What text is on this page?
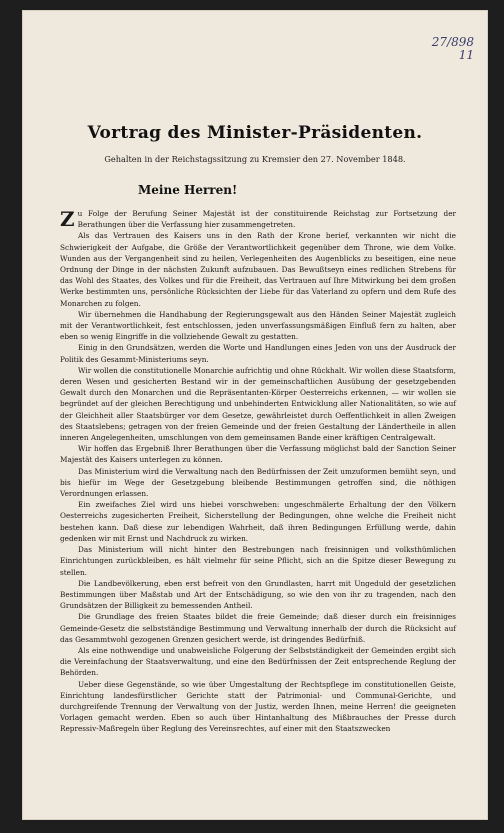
27/898
11
Vortrag des Minister-Präsidenten.
Gehalten in der Reichstagssitzung zu Kremsier den 27. November 1848.
Meine Herren!

Zu Folge der Berufung Seiner Majestät ist der constituirende Reichstag zur Fortsetzung der Berathungen über die Verfassung hier zusammengetreten.

Als das Vertrauen des Kaisers uns in den Rath der Krone berief, verkannten wir nicht die Schwierigkeit der Aufgabe, die Größe der Verantwortlichkeit gegenüber dem Throne, wie dem Volke. Wunden aus der Vergangenheit sind zu heilen, Verlegenheiten des Augenblicks zu beseitigen, eine neue Ordnung der Dinge in der nächsten Zukunft aufzubauen. Das Bewußtseyn eines redlichen Strebens für das Wohl des Staates, des Volkes und für die Freiheit, das Vertrauen auf Ihre Mitwirkung bei dem großen Werke bestimmten uns, persönliche Rücksichten der Liebe für das Vaterland zu opfern und dem Rufe des Monarchen zu folgen.

Wir übernehmen die Handhabung der Regierungsgewalt aus den Händen Seiner Majestät zugleich mit der Verantwortlichkeit, fest entschlossen, jeden unverfassungsmäßigen Einfluß fern zu halten, aber eben so wenig Eingriffe in die vollziehende Gewalt zu gestatten.

Einig in den Grundsätzen, werden die Worte und Handlungen eines Jeden von uns der Ausdruck der Politik des Gesammt-Ministeriums seyn.

Wir wollen die constitutionelle Monarchie aufrichtig und ohne Rückhalt. Wir wollen diese Staatsform, deren Wesen und gesicherten Bestand wir in der gemeinschaftlichen Ausübung der gesetzgebenden Gewalt durch den Monarchen und die Repräsentanten-Körper Oesterreichs erkennen, — wir wollen sie begründet auf der gleichen Berechtigung und unbehinderten Entwicklung aller Nationalitäten, so wie auf der Gleichheit aller Staatsbürger vor dem Gesetze, gewährleistet durch Oeffentlichkeit in allen Zweigen des Staatslebens; getragen von der freien Gemeinde und der freien Gestaltung der Ländertheile in allen inneren Angelegenheiten, umschlungen von dem gemeinsamen Bande einer kräftigen Centralgewalt.

Wir hoffen das Ergebniß Ihrer Berathungen über die Verfassung möglichst bald der Sanction Seiner Majestät des Kaisers unterlegen zu können.

Das Ministerium wird die Verwaltung nach den Bedürfnissen der Zeit umzuformen bemüht seyn, und bis hiefür im Wege der Gesetzgebung bleibende Bestimmungen getroffen sind, die nöthigen Verordnungen erlassen.

Ein zweifaches Ziel wird uns hiebei vorschweben: ungeschmälerte Erhaltung der den Völkern Oesterreichs zugesicherten Freiheit, Sicherstellung der Bedingungen, ohne welche die Freiheit nicht bestehen kann. Daß diese zur lebendigen Wahrheit, daß ihren Bedingungen Erfüllung werde, dahin gedenken wir mit Ernst und Nachdruck zu wirken.

Das Ministerium will nicht hinter den Bestrebungen nach freisinnigen und volksthümlichen Einrichtungen zurückbleiben, es hält vielmehr für seine Pflicht, sich an die Spitze dieser Bewegung zu stellen.

Die Landbevölkerung, eben erst befreit von den Grundlasten, harrt mit Ungeduld der gesetzlichen Bestimmungen über Maßstab und Art der Entschädigung, so wie den von ihr zu tragenden, nach den Grundsätzen der Billigkeit zu bemessenden Antheil.

Die Grundlage des freien Staates bildet die freie Gemeinde; daß dieser durch ein freisinniges Gemeinde-Gesetz die selbstständige Bestimmung und Verwaltung innerhalb der durch die Rücksicht auf das Gesammtwohl gezogenen Grenzen gesichert werde, ist dringendes Bedürfniß.

Als eine nothwendige und unabweisliche Folgerung der Selbstständigkeit der Gemeinden ergibt sich die Vereinfachung der Staatsverwaltung, und eine den Bedürfnissen der Zeit entsprechende Reglung der Behörden.

Ueber diese Gegenstände, so wie über Umgestaltung der Rechtspflege im constitutionellen Geiste, Einrichtung landesfürstlicher Gerichte statt der Patrimonial- und Communal-Gerichte, und durchgreifende Trennung der Verwaltung von der Justiz, werden Ihnen, meine Herren! die geeigneten Vorlagen gemacht werden. Eben so auch über Hintanhaltung des Mißbrauches der Presse durch Repressiv-Maßregeln über Reglung des Vereinsrechtes, auf einer mit den Staatszwecken
